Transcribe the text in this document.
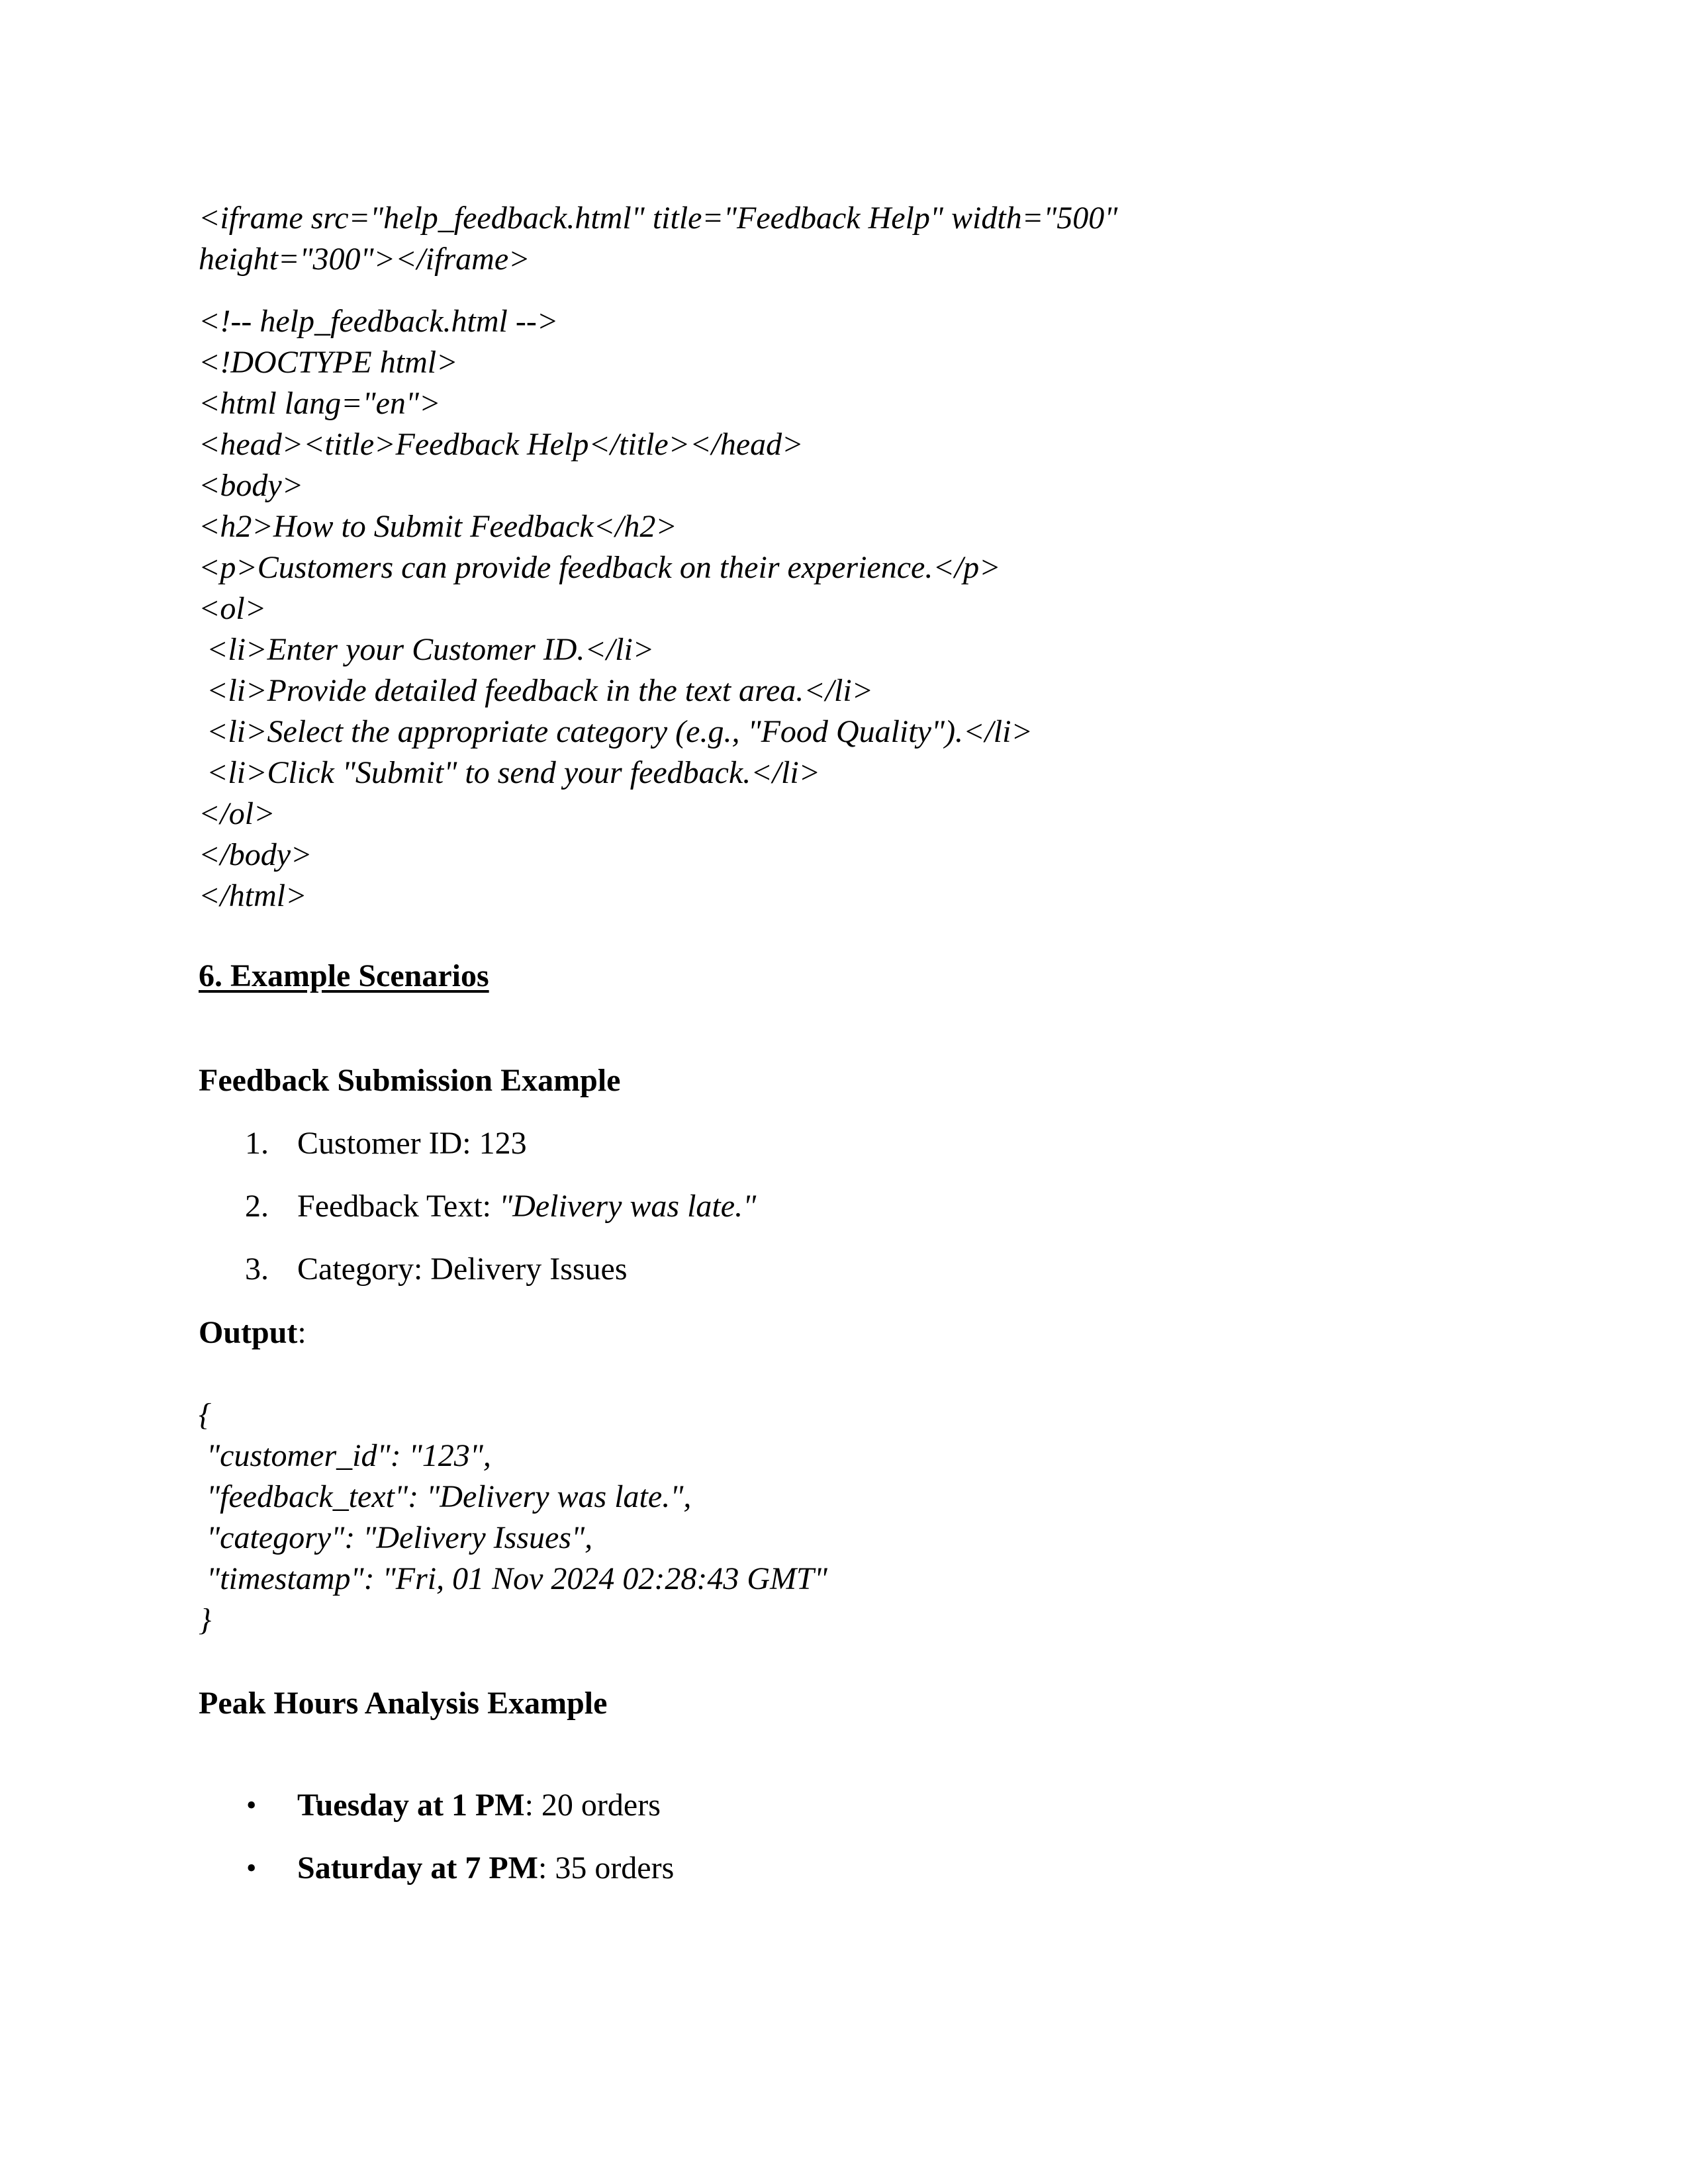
<iframe src="help_feedback.html" title="Feedback Help" width="500"
height="300"></iframe>
<!-- help_feedback.html -->
<!DOCTYPE html>
<html lang="en">
<head><title>Feedback Help</title></head>
<body>
<h2>How to Submit Feedback</h2>
<p>Customers can provide feedback on their experience.</p>
<ol>
<li>Enter your Customer ID.</li>
<li>Provide detailed feedback in the text area.</li>
<li>Select the appropriate category (e.g., "Food Quality").</li>
<li>Click "Submit" to send your feedback.</li>
</ol>
</body>
</html>
6. Example Scenarios
Feedback Submission Example
1. Customer ID: 123
2. Feedback Text: "Delivery was late."
3. Category: Delivery Issues
Output:
{
"customer_id": "123",
"feedback_text": "Delivery was late.",
"category": "Delivery Issues",
"timestamp": "Fri, 01 Nov 2024 02:28:43 GMT"
}
Peak Hours Analysis Example
• Tuesday at 1 PM: 20 orders
• Saturday at 7 PM: 35 orders
